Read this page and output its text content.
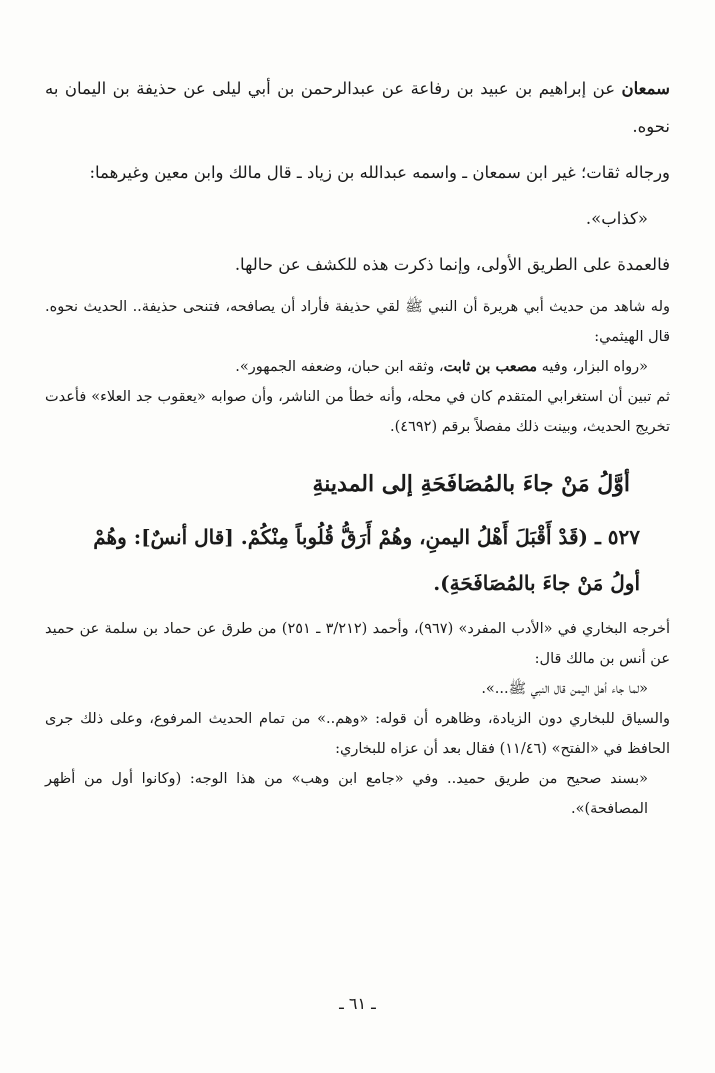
سمعان عن إبراهيم بن عبيد بن رفاعة عن عبدالرحمن بن أبي ليلى عن حذيفة بن اليمان به نحوه.

ورجاله ثقات؛ غير ابن سمعان ـ واسمه عبدالله بن زياد ـ قال مالك وابن معين وغيرهما:

«كذاب».

فالعمدة على الطريق الأولى، وإنما ذكرت هذه للكشف عن حالها.

وله شاهد من حديث أبي هريرة أن النبي ﷺ لقي حذيفة فأراد أن يصافحه، فتنحى حذيفة.. الحديث نحوه. قال الهيثمي:

«رواه البزار، وفيه مصعب بن ثابت، وثقه ابن حبان، وضعفه الجمهور».

ثم تبين أن استغرابي المتقدم كان في محله، وأنه خطأ من الناشر، وأن صوابه «يعقوب جد العلاء» فأعدت تخريج الحديث، وبينت ذلك مفصلاً برقم (٤٦٩٢).

أوَّلُ مَنْ جاءَ بالمُصَافَحَةِ إلى المدينةِ

٥٢٧ ـ (قَدْ أَقْبَلَ أَهْلُ اليمنِ، وهُمْ أَرَقُّ قُلُوباً مِنْكُمْ. [قال أنسٌ]: وهُمْ

أولُ مَنْ جاءَ بالمُصَافَحَةِ).

أخرجه البخاري في «الأدب المفرد» (٩٦٧)، وأحمد (٣/٢١٢ ـ ٢٥١) من طرق عن حماد بن سلمة عن حميد عن أنس بن مالك قال:

«لما جاء أهل اليمن قال النبي ﷺ...».

والسياق للبخاري دون الزيادة، وظاهره أن قوله: «وهم..» من تمام الحديث المرفوع، وعلى ذلك جرى الحافظ في «الفتح» (١١/٤٦) فقال بعد أن عزاه للبخاري:

«بسند صحيح من طريق حميد.. وفي «جامع ابن وهب» من هذا الوجه: (وكانوا أول من أظهر المصافحة)».

ـ ٦١ ـ
